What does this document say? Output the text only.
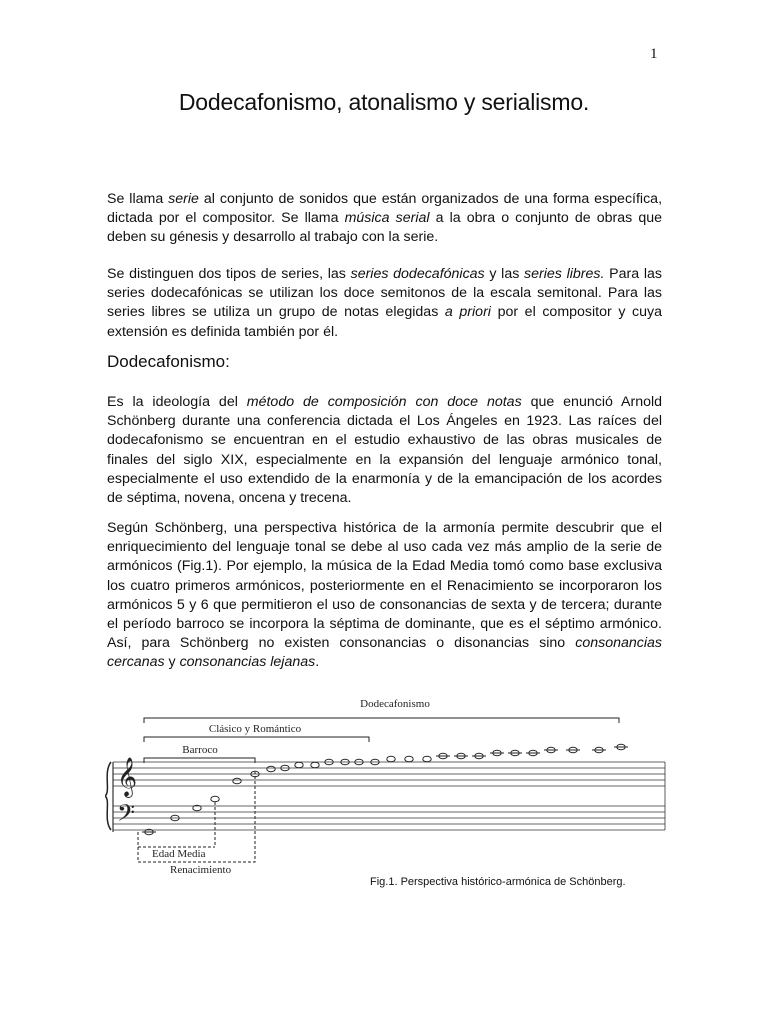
1
Dodecafonismo, atonalismo y serialismo.

Se llama serie al conjunto de sonidos que están organizados de una forma específica, dictada por el compositor. Se llama música serial a la obra o conjunto de obras que deben su génesis y desarrollo al trabajo con la serie.

Se distinguen dos tipos de series, las series dodecafónicas y las series libres. Para las series dodecafónicas se utilizan los doce semitonos de la escala semitonal. Para las series libres se utiliza un grupo de notas elegidas a priori por el compositor y cuya extensión es definida también por él.

Dodecafonismo:

Es la ideología del método de composición con doce notas que enunció Arnold Schönberg durante una conferencia dictada el Los Ángeles en 1923. Las raíces del dodecafonismo se encuentran en el estudio exhaustivo de las obras musicales de finales del siglo XIX, especialmente en la expansión del lenguaje armónico tonal, especialmente el uso extendido de la enarmonía y de la emancipación de los acordes de séptima, novena, oncena y trecena.

Según Schönberg, una perspectiva histórica de la armonía permite descubrir que el enriquecimiento del lenguaje tonal se debe al uso cada vez más amplio de la serie de armónicos (Fig.1). Por ejemplo, la música de la Edad Media tomó como base exclusiva los cuatro primeros armónicos, posteriormente en el Renacimiento se incorporaron los armónicos 5 y 6 que permitieron el uso de consonancias de sexta y de tercera; durante el período barroco se incorpora la séptima de dominante, que es el séptimo armónico. Así, para Schönberg no existen consonancias o disonancias sino consonancias cercanas y consonancias lejanas.

Dodecafonismo
Clásico y Romántico
Barroco
Edad Media
Renacimiento
𝄞
𝄢
Fig.1. Perspectiva histórico-armónica de Schönberg.
